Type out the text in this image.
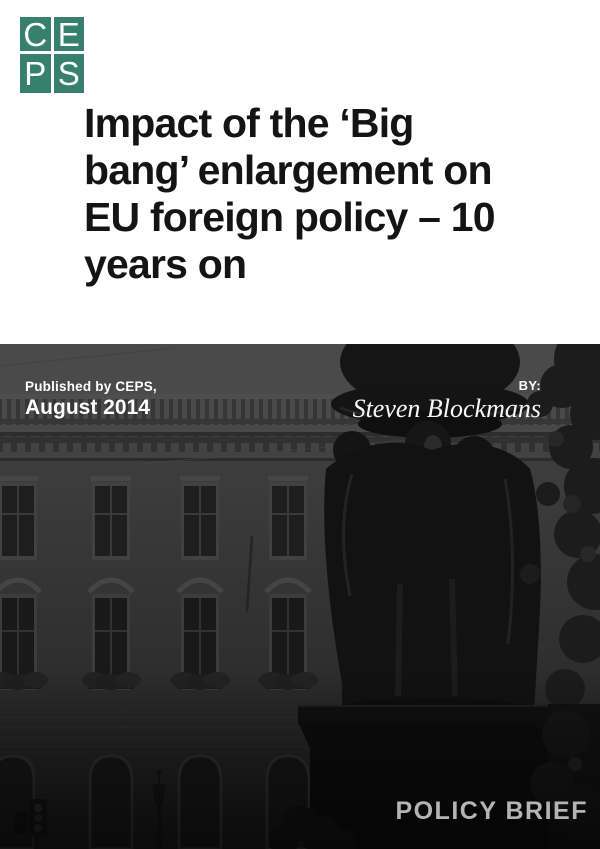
C E
P S
Impact of the ‘Big
bang’ enlargement on
EU foreign policy – 10
years on
Published by CEPS,
August 2014
BY:
Steven Blockmans
POLICY BRIEF
